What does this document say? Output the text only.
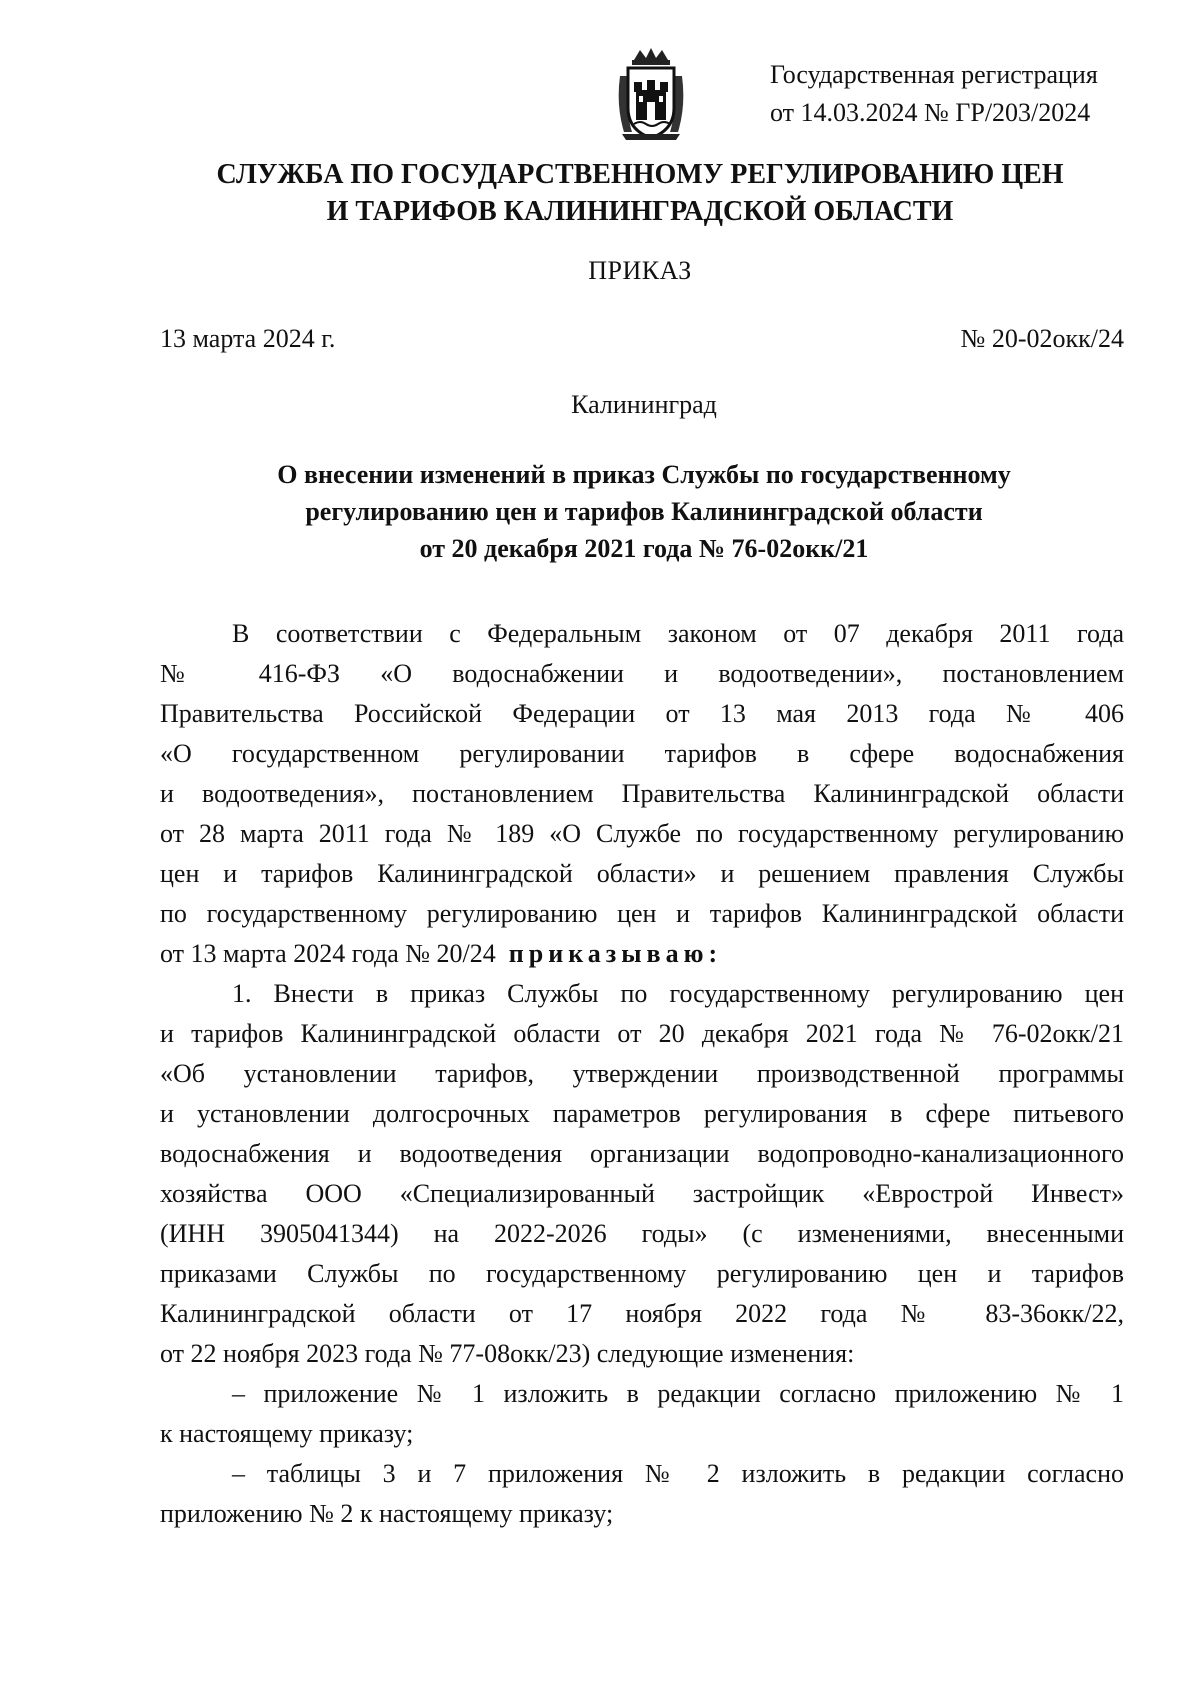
Государственная регистрация
от 14.03.2024 № ГР/203/2024
СЛУЖБА ПО ГОСУДАРСТВЕННОМУ РЕГУЛИРОВАНИЮ ЦЕН
И ТАРИФОВ КАЛИНИНГРАДСКОЙ ОБЛАСТИ
ПРИКАЗ
13 марта 2024 г.	№ 20-02окк/24
Калининград
О внесении изменений в приказ Службы по государственному
регулированию цен и тарифов Калининградской области
от 20 декабря 2021 года № 76-02окк/21
В соответствии с Федеральным законом от 07 декабря 2011 года
№ 416-ФЗ «О водоснабжении и водоотведении», постановлением
Правительства Российской Федерации от 13 мая 2013 года № 406
«О государственном регулировании тарифов в сфере водоснабжения
и водоотведения», постановлением Правительства Калининградской области
от 28 марта 2011 года № 189 «О Службе по государственному регулированию
цен и тарифов Калининградской области» и решением правления Службы
по государственному регулированию цен и тарифов Калининградской области
от 13 марта 2024 года № 20/24 приказываю:
1. Внести в приказ Службы по государственному регулированию цен
и тарифов Калининградской области от 20 декабря 2021 года № 76-02окк/21
«Об установлении тарифов, утверждении производственной программы
и установлении долгосрочных параметров регулирования в сфере питьевого
водоснабжения и водоотведения организации водопроводно-канализационного
хозяйства ООО «Специализированный застройщик «Еврострой Инвест»
(ИНН 3905041344) на 2022-2026 годы» (с изменениями, внесенными
приказами Службы по государственному регулированию цен и тарифов
Калининградской области от 17 ноября 2022 года № 83-36окк/22,
от 22 ноября 2023 года № 77-08окк/23) следующие изменения:
– приложение № 1 изложить в редакции согласно приложению № 1
к настоящему приказу;
– таблицы 3 и 7 приложения № 2 изложить в редакции согласно
приложению № 2 к настоящему приказу;
